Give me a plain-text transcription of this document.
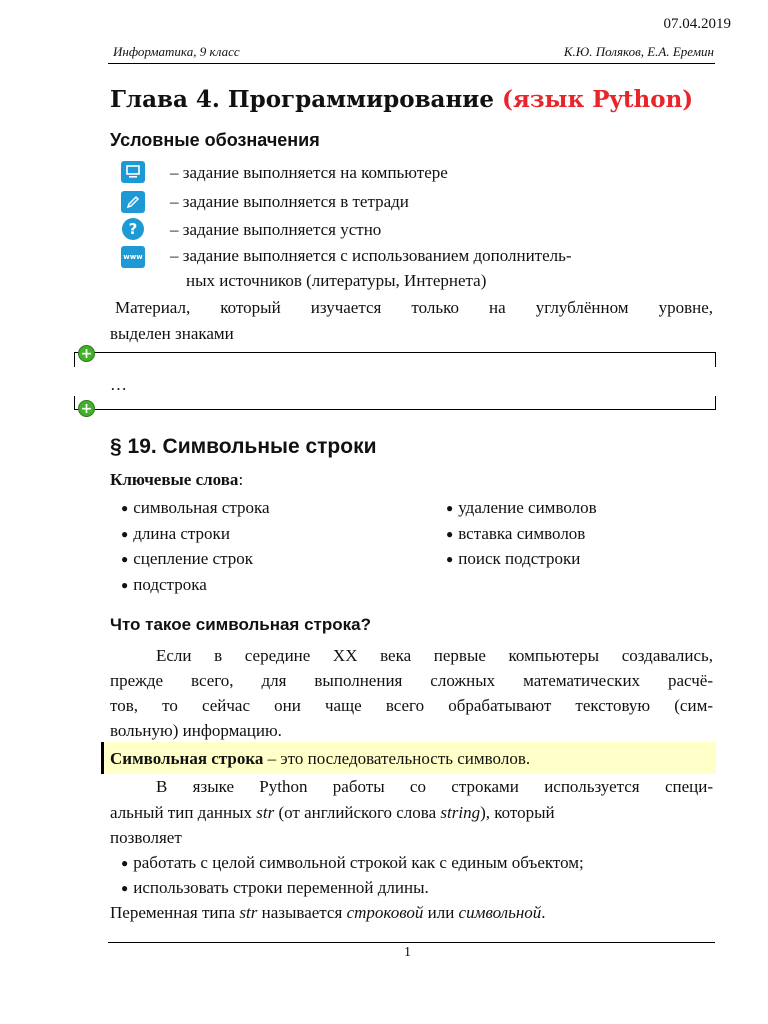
07.04.2019
Информатика, 9 класс	К.Ю. Поляков, Е.А. Еремин
Глава 4. Программирование (язык Python)
Условные обозначения
– задание выполняется на компьютере
– задание выполняется в тетради
? – задание выполняется устно
www – задание выполняется с использованием дополнитель-
ных источников (литературы, Интернета)
Материал, который изучается только на углублённом уровне,
выделен знаками
+
…
+
§ 19. Символьные строки
Ключевые слова:
● символьная строка
● длина строки
● сцепление строк
● подстрока
● удаление символов
● вставка символов
● поиск подстроки
Что такое символьная строка?
Если в середине XX века первые компьютеры создавались,
прежде всего, для выполнения сложных математических расчё-
тов, то сейчас они чаще всего обрабатывают текстовую (сим-
вольную) информацию.
Символьная строка – это последовательность символов.
В языке Python работы со строками используется специ-
альный тип данных str (от английского слова string), который
позволяет
● работать с целой символьной строкой как с единым объектом;
● использовать строки переменной длины.
Переменная типа str называется строковой или символьной.
1
